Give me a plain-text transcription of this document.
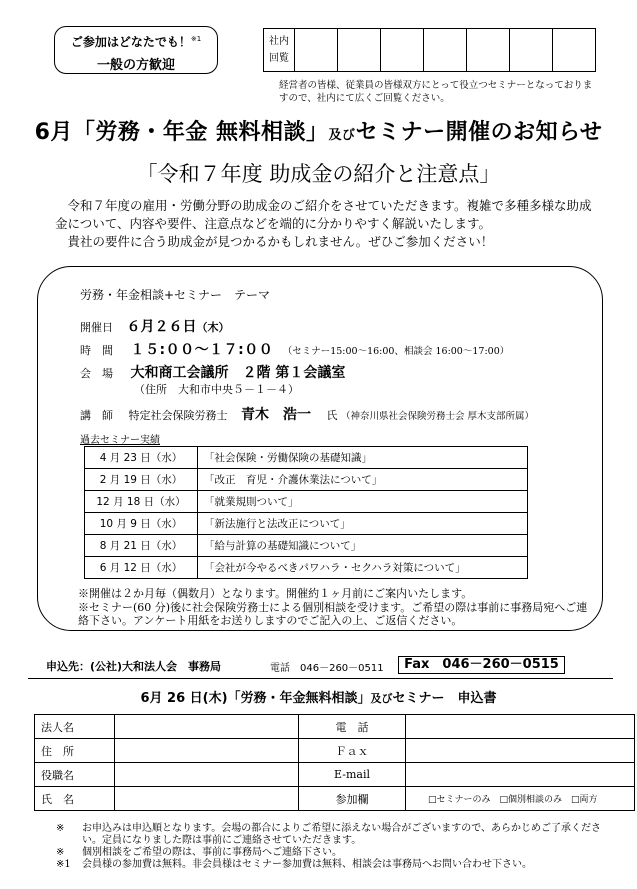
ご参加はどなたでも！$^{※1}$
一般の方歓迎
社内
回覧							
経営者の皆様、従業員の皆様双方にとって役立つセミナーとなっておりますので、社内にて広くご回覧ください。
6月「労務・年金 無料相談」及びセミナー開催のお知らせ
「令和７年度 助成金の紹介と注意点」
令和７年度の雇用・労働分野の助成金のご紹介をさせていただきます。複雑で多種多様な助成金について、内容や要件、注意点などを端的に分かりやすく解説いたします。
貴社の要件に合う助成金が見つかるかもしれません。ぜひご参加ください！
労務・年金相談+セミナー　テーマ
開催日 ６月２６日（木）
時　間 １５:００～１７:００ （セミナー15:00～16:00、相談会 16:00～17:00）
会　場 大和商工会議所　２階 第１会議室
（住所　大和市中央５－１－４）
講　師 特定社会保険労務士 青木　浩一 氏 （神奈川県社会保険労務士会 厚木支部所属）
過去セミナー実績
4 月 23 日（水）	「社会保険・労働保険の基礎知識」
2 月 19 日（水）	「改正　育児・介護休業法について」
12 月 18 日（水）	「就業規則ついて」
10 月 9 日（水）	「新法施行と法改正について」
8 月 21 日（水）	「給与計算の基礎知識について」
6 月 12 日（水）	「会社が今やるべきパワハラ・セクハラ対策について」
※開催は２か月毎（偶数月）となります。開催約１ヶ月前にご案内いたします。
※セミナー(60 分)後に社会保険労務士による個別相談を受けます。ご希望の際は事前に事務局宛へご連絡下さい。アンケート用紙をお送りしますのでご記入の上、ご返信ください。
申込先：(公社)大和法人会　事務局	電話　046－260－0511	Fax　046－260－0515
6月 26 日(木)「労務・年金無料相談」及びセミナー　申込書
法人名		電　話	
住　所		Ｆａｘ	
役職名		E-mail	
氏　名		参加欄	□セミナーのみ　□個別相談のみ　□両方
※	お申込みは申込順となります。会場の都合によりご希望に添えない場合がございますので、あらかじめご了承ください。定員になりました際は事前にご連絡させていただきます。
※	個別相談をご希望の際は、事前に事務局へご連絡下さい。
※1	会員様の参加費は無料。非会員様はセミナー参加費は無料、相談会は事務局へお問い合わせ下さい。
